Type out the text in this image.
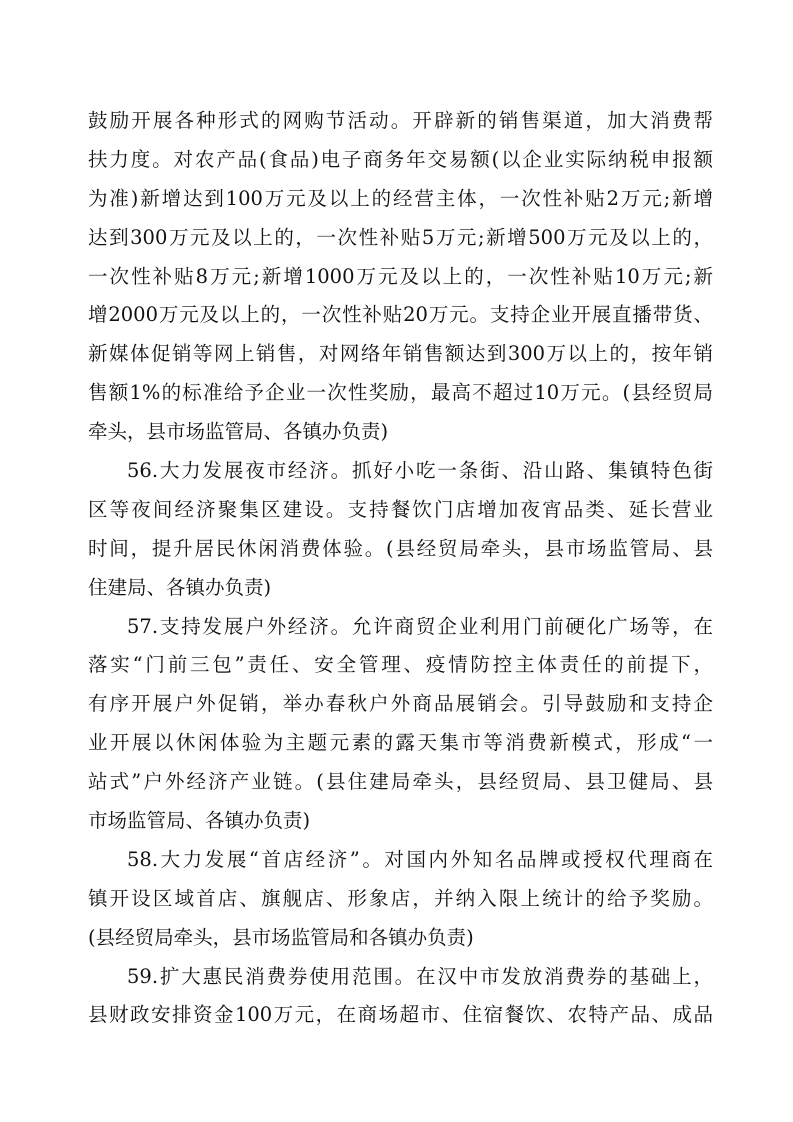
鼓励开展各种形式的网购节活动。开辟新的销售渠道，加大消费帮
扶力度。对农产品(食品)电子商务年交易额(以企业实际纳税申报额
为准)新增达到100万元及以上的经营主体，一次性补贴2万元;新增
达到300万元及以上的，一次性补贴5万元;新增500万元及以上的，
一次性补贴8万元;新增1000万元及以上的，一次性补贴10万元;新
增2000万元及以上的，一次性补贴20万元。支持企业开展直播带货、
新媒体促销等网上销售，对网络年销售额达到300万以上的，按年销
售额1%的标准给予企业一次性奖励，最高不超过10万元。(县经贸局
牵头，县市场监管局、各镇办负责)
56.大力发展夜市经济。抓好小吃一条街、沿山路、集镇特色街
区等夜间经济聚集区建设。支持餐饮门店增加夜宵品类、延长营业
时间，提升居民休闲消费体验。(县经贸局牵头，县市场监管局、县
住建局、各镇办负责)
57.支持发展户外经济。允许商贸企业利用门前硬化广场等，在
落实“门前三包”责任、安全管理、疫情防控主体责任的前提下，
有序开展户外促销，举办春秋户外商品展销会。引导鼓励和支持企
业开展以休闲体验为主题元素的露天集市等消费新模式，形成“一
站式”户外经济产业链。(县住建局牵头，县经贸局、县卫健局、县
市场监管局、各镇办负责)
58.大力发展“首店经济”。对国内外知名品牌或授权代理商在
镇开设区域首店、旗舰店、形象店，并纳入限上统计的给予奖励。
(县经贸局牵头，县市场监管局和各镇办负责)
59.扩大惠民消费券使用范围。在汉中市发放消费券的基础上，
县财政安排资金100万元，在商场超市、住宿餐饮、农特产品、成品
